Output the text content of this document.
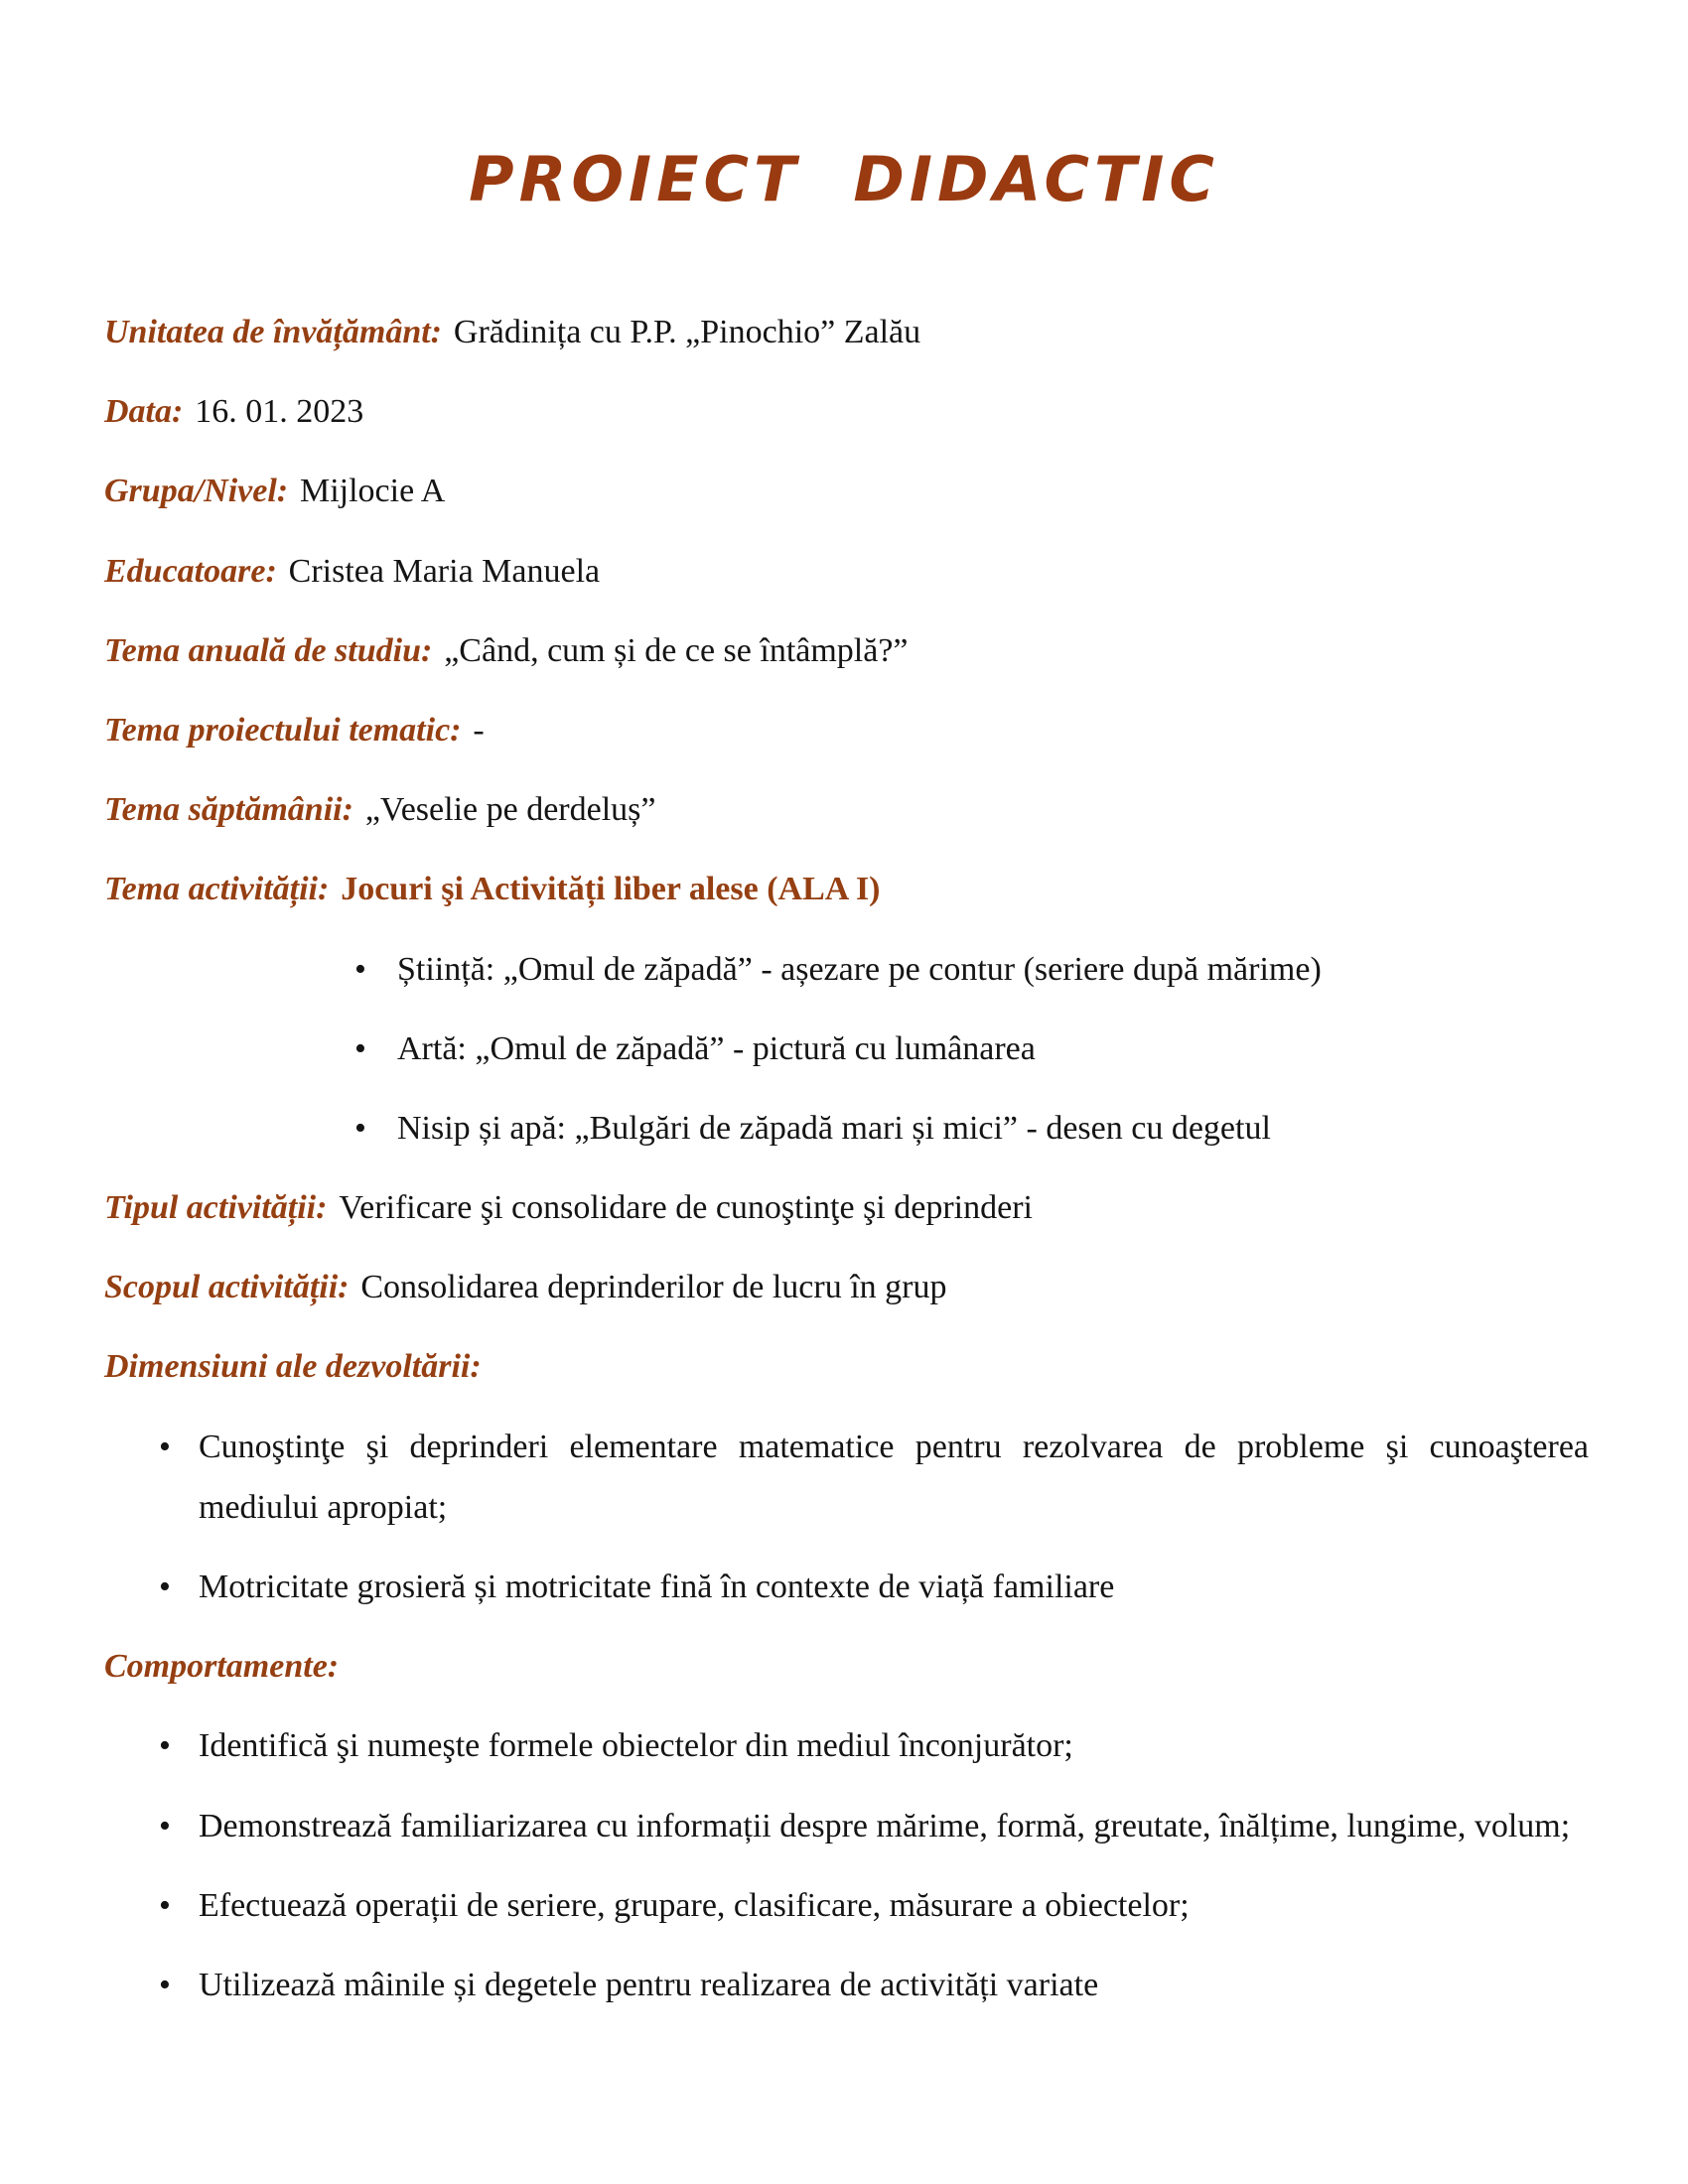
PROIECT  DIDACTIC

Unitatea de învățământ: Grădinița cu P.P. „Pinochio” Zalău

Data: 16. 01. 2023

Grupa/Nivel: Mijlocie A

Educatoare: Cristea Maria Manuela

Tema anuală de studiu: „Când, cum și de ce se întâmplă?”

Tema proiectului tematic: -

Tema săptămânii: „Veselie pe derdeluș”

Tema activității: Jocuri şi Activități liber alese (ALA I)

• Știință: „Omul de zăpadă” - așezare pe contur (seriere după mărime)
• Artă: „Omul de zăpadă” - pictură cu lumânarea
• Nisip și apă: „Bulgări de zăpadă mari și mici” - desen cu degetul

Tipul activității: Verificare şi consolidare de cunoştinţe şi deprinderi

Scopul activității: Consolidarea deprinderilor de lucru în grup

Dimensiuni ale dezvoltării:

• Cunoştinţe şi deprinderi elementare matematice pentru rezolvarea de probleme şi cunoaşterea mediului apropiat;
• Motricitate grosieră și motricitate fină în contexte de viață familiare

Comportamente:

• Identifică şi numeşte formele obiectelor din mediul înconjurător;
• Demonstrează familiarizarea cu informații despre mărime, formă, greutate, înălțime, lungime, volum;
• Efectuează operații de seriere, grupare, clasificare, măsurare a obiectelor;
• Utilizează mâinile și degetele pentru realizarea de activități variate
